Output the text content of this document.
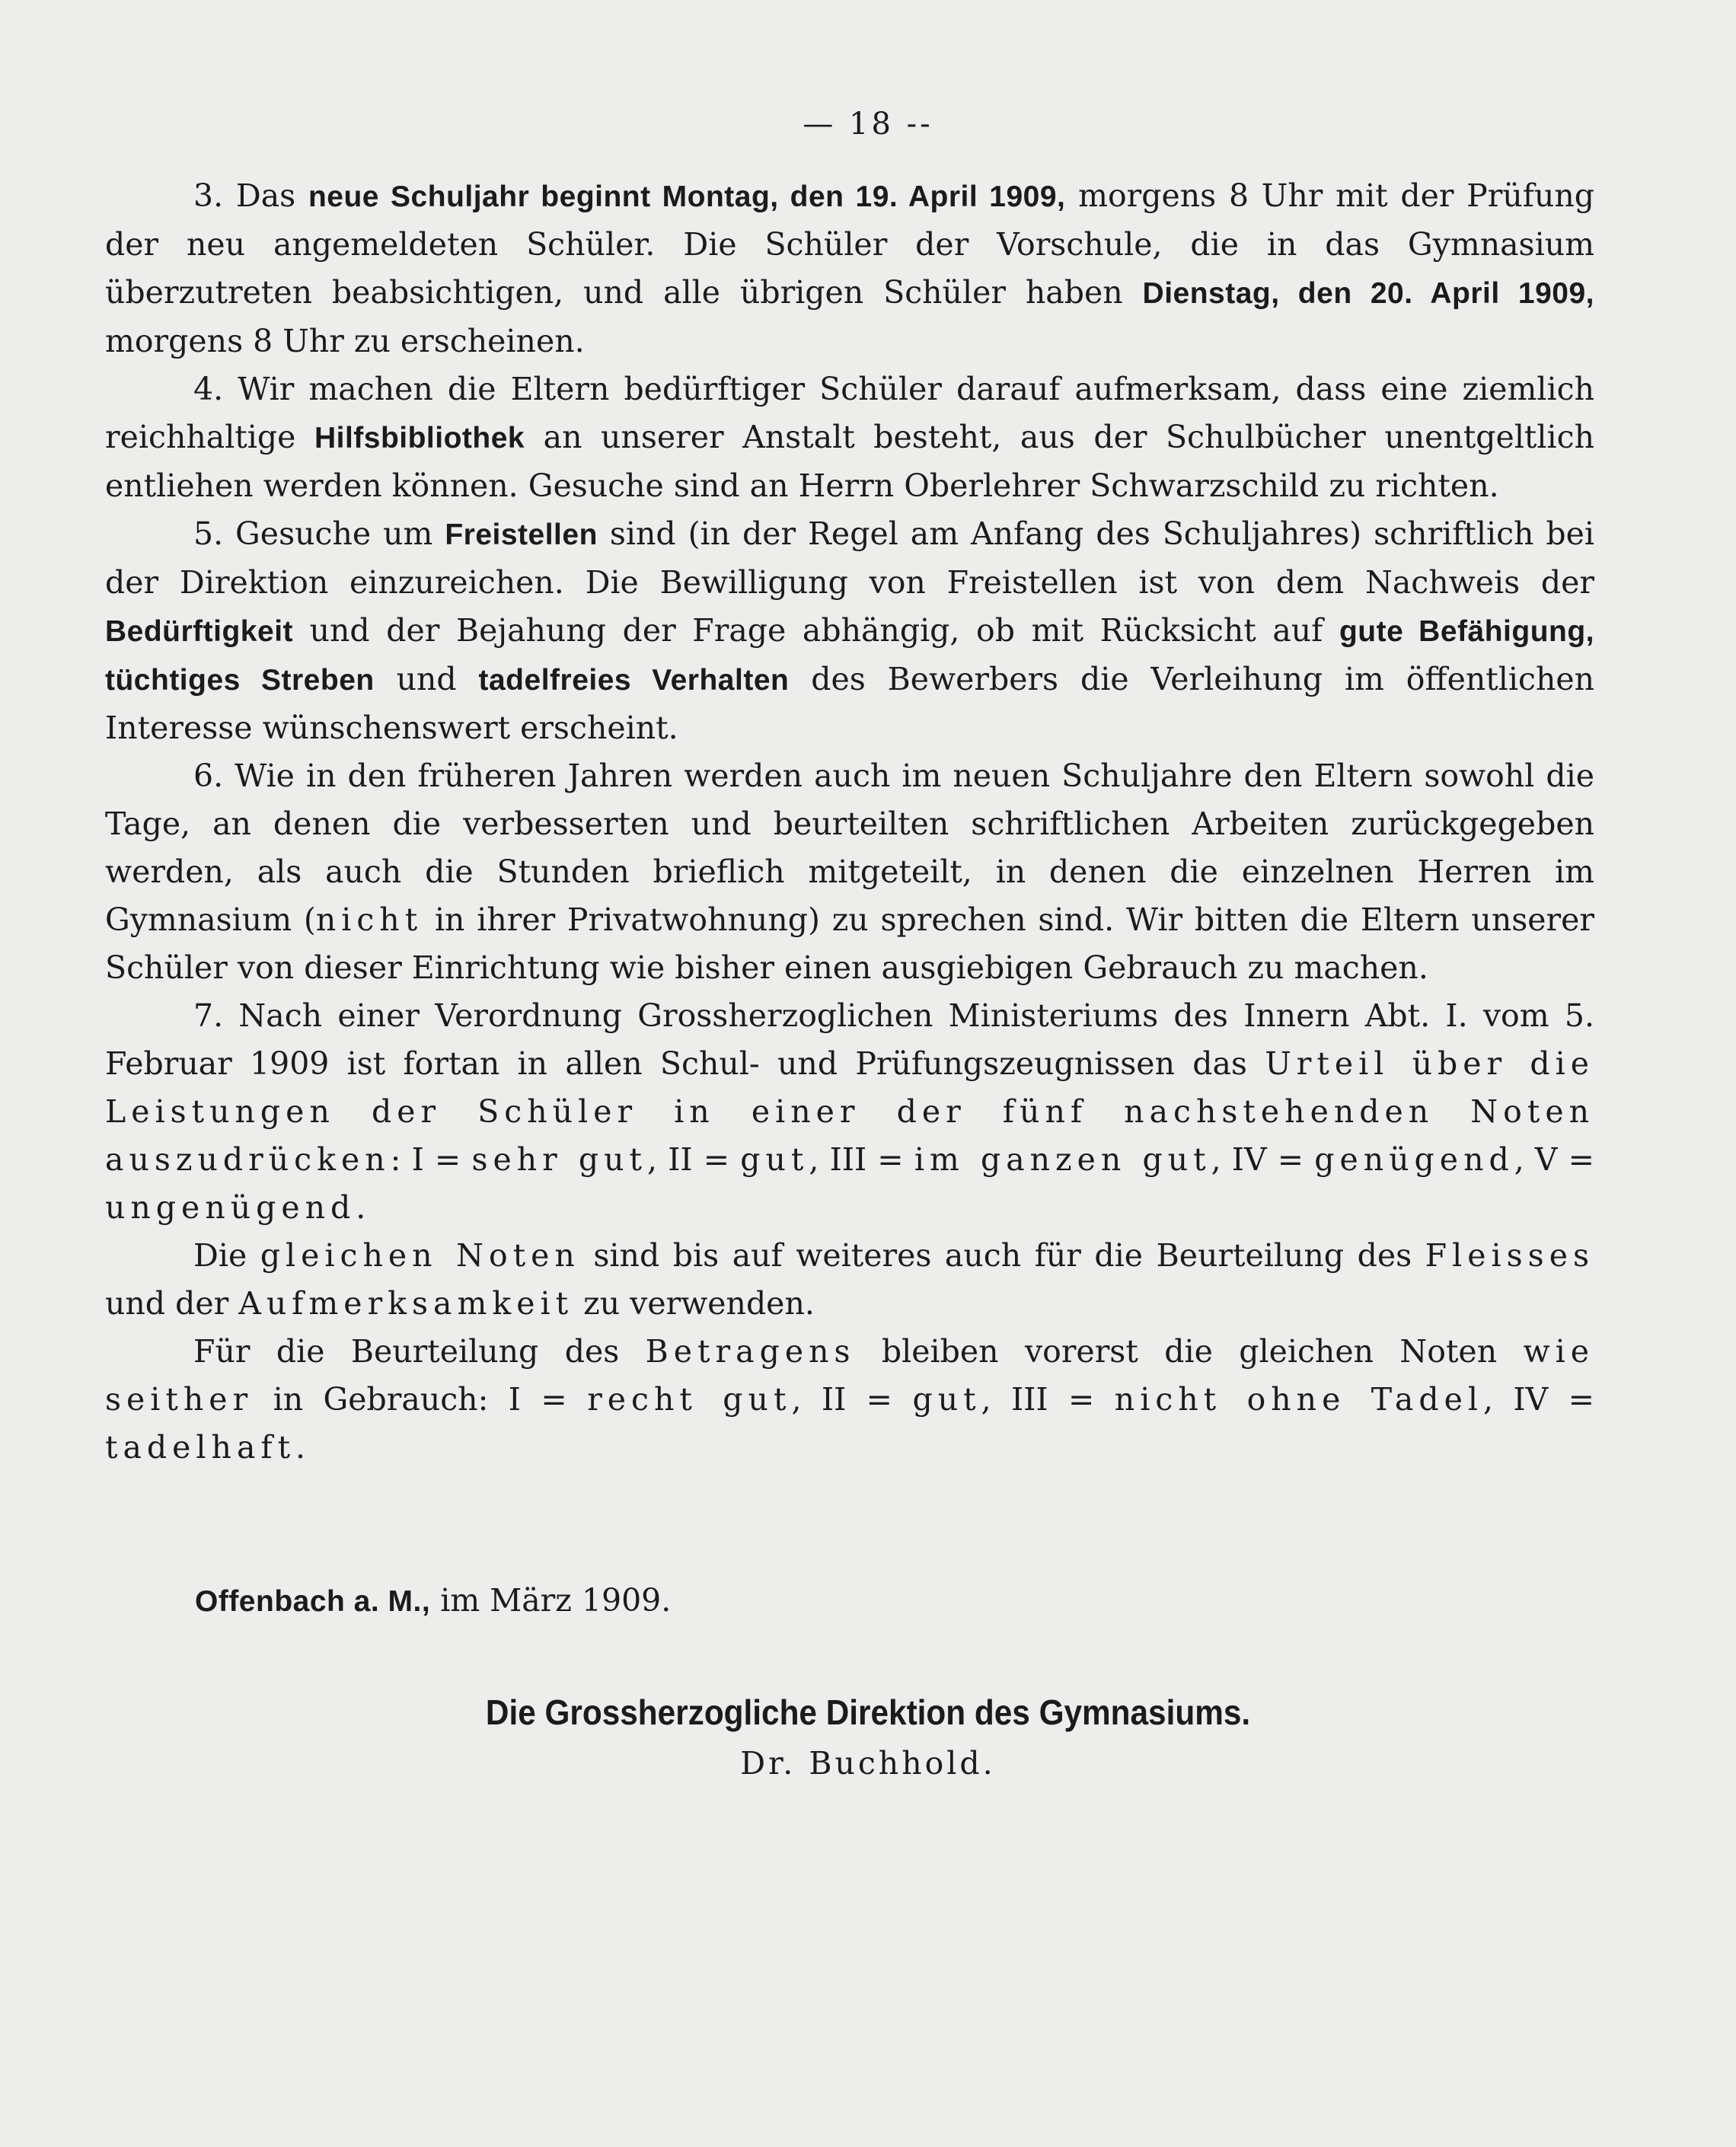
— 18 --

3. Das neue Schuljahr beginnt Montag, den 19. April 1909, morgens 8 Uhr mit der Prüfung der neu angemeldeten Schüler. Die Schüler der Vorschule, die in das Gymnasium überzutreten beabsichtigen, und alle übrigen Schüler haben Dienstag, den 20. April 1909, morgens 8 Uhr zu erscheinen.

4. Wir machen die Eltern bedürftiger Schüler darauf aufmerksam, dass eine ziemlich reichhaltige Hilfsbibliothek an unserer Anstalt besteht, aus der Schulbücher unentgeltlich entliehen werden können. Gesuche sind an Herrn Oberlehrer Schwarzschild zu richten.

5. Gesuche um Freistellen sind (in der Regel am Anfang des Schuljahres) schriftlich bei der Direktion einzureichen. Die Bewilligung von Freistellen ist von dem Nachweis der Bedürftigkeit und der Bejahung der Frage abhängig, ob mit Rücksicht auf gute Befähigung, tüchtiges Streben und tadelfreies Verhalten des Bewerbers die Verleihung im öffentlichen Interesse wünschenswert erscheint.

6. Wie in den früheren Jahren werden auch im neuen Schuljahre den Eltern sowohl die Tage, an denen die verbesserten und beurteilten schriftlichen Arbeiten zurückgegeben werden, als auch die Stunden brieflich mitgeteilt, in denen die einzelnen Herren im Gymnasium (nicht in ihrer Privatwohnung) zu sprechen sind. Wir bitten die Eltern unserer Schüler von dieser Einrichtung wie bisher einen ausgiebigen Gebrauch zu machen.

7. Nach einer Verordnung Grossherzoglichen Ministeriums des Innern Abt. I. vom 5. Februar 1909 ist fortan in allen Schul- und Prüfungszeugnissen das Urteil über die Leistungen der Schüler in einer der fünf nachstehenden Noten auszudrücken: I = sehr gut, II = gut, III = im ganzen gut, IV = genügend, V = ungenügend.

Die gleichen Noten sind bis auf weiteres auch für die Beurteilung des Fleisses und der Aufmerksamkeit zu verwenden.

Für die Beurteilung des Betragens bleiben vorerst die gleichen Noten wie seither in Gebrauch: I = recht gut, II = gut, III = nicht ohne Tadel, IV = tadelhaft.

Offenbach a. M., im März 1909.
Die Grossherzogliche Direktion des Gymnasiums.
Dr. Buchhold.
